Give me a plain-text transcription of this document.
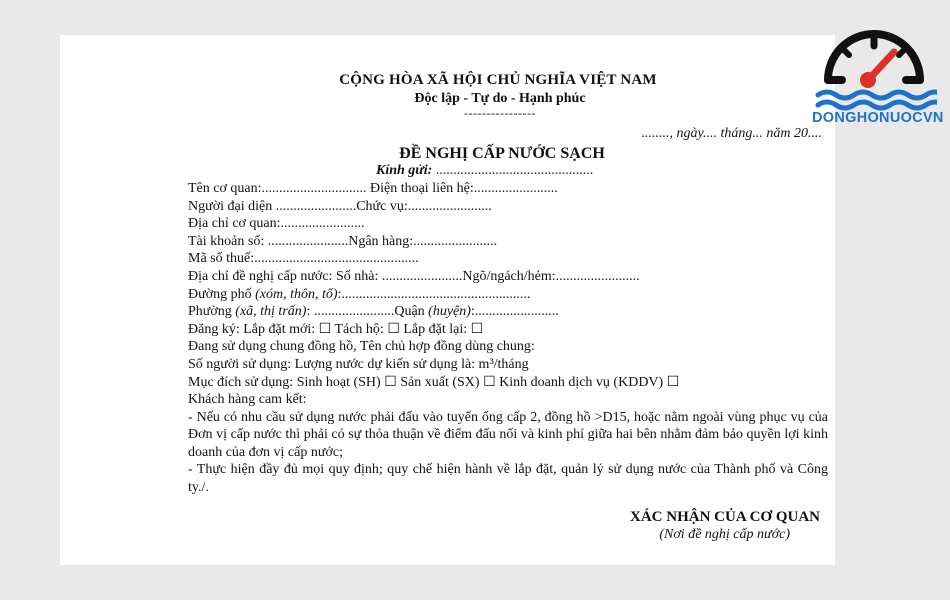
CỘNG HÒA XÃ HỘI CHỦ NGHĨA VIỆT NAM
Độc lập - Tự do - Hạnh phúc
----------------
........, ngày.... tháng... năm 20....
ĐỀ NGHỊ CẤP NƯỚC SẠCH
Kính gửi: .............................................
Tên cơ quan:.............................. Điện thoại liên hệ:........................
Người đại diện .......................Chức vụ:........................
Địa chỉ cơ quan:........................
Tài khoản số: .......................Ngân hàng:........................
Mã số thuế:...............................................
Địa chỉ đề nghị cấp nước: Số nhà: .......................Ngõ/ngách/hẻm:........................
Đường phố (xóm, thôn, tổ):......................................................
Phường (xã, thị trấn): .......................Quận (huyện):........................
Đăng ký: Lắp đặt mới: ☐ Tách hộ: ☐ Lắp đặt lại: ☐
Đang sử dụng chung đồng hồ, Tên chủ hợp đồng dùng chung:
Số người sử dụng: Lượng nước dự kiến sử dụng là: m³/tháng
Mục đích sử dụng: Sinh hoạt (SH) ☐ Sản xuất (SX) ☐ Kinh doanh dịch vụ (KDDV) ☐
Khách hàng cam kết:
- Nếu có nhu cầu sử dụng nước phải đấu vào tuyến ống cấp 2, đồng hồ >D15, hoặc nằm ngoài vùng phục vụ của Đơn vị cấp nước thì phải có sự thỏa thuận về điểm đấu nối và kinh phí giữa hai bên nhằm đảm bảo quyền lợi kinh doanh của đơn vị cấp nước;
- Thực hiện đầy đủ mọi quy định; quy chế hiện hành về lắp đặt, quản lý sử dụng nước của Thành phố và Công ty./.
XÁC NHẬN CỦA CƠ QUAN
(Nơi đề nghị cấp nước)
DONGHONUOCVN
